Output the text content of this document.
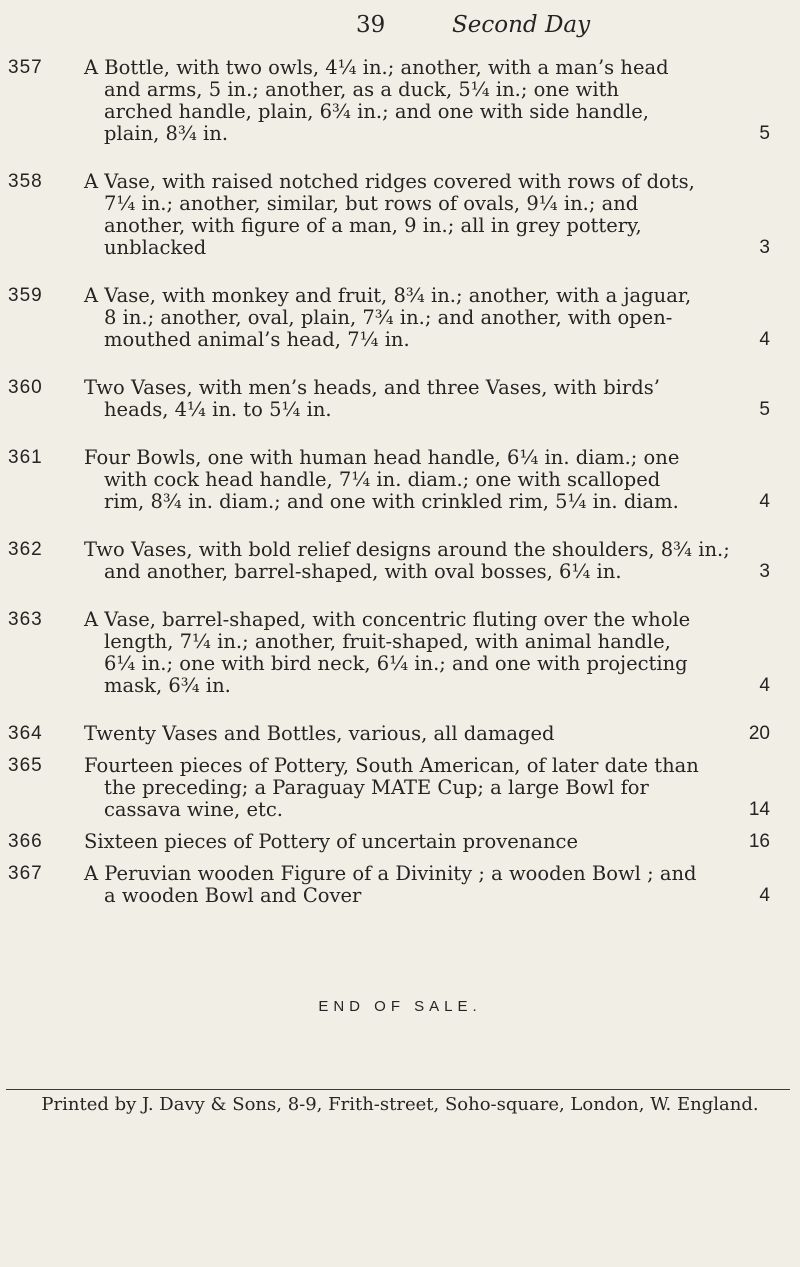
39	Second Day
357 A Bottle, with two owls, 4¼ in.; another, with a man’s head
and arms, 5 in.; another, as a duck, 5¼ in.; one with
arched handle, plain, 6¾ in.; and one with side handle,
plain, 8¾ in.	5
358 A Vase, with raised notched ridges covered with rows of dots,
7¼ in.; another, similar, but rows of ovals, 9¼ in.; and
another, with figure of a man, 9 in.; all in grey pottery,
unblacked	3
359 A Vase, with monkey and fruit, 8¾ in.; another, with a jaguar,
8 in.; another, oval, plain, 7¾ in.; and another, with open-
mouthed animal’s head, 7¼ in.	4
360 Two Vases, with men’s heads, and three Vases, with birds’
heads, 4¼ in. to 5¼ in.	5
361 Four Bowls, one with human head handle, 6¼ in. diam.; one
with cock head handle, 7¼ in. diam.; one with scalloped
rim, 8¾ in. diam.; and one with crinkled rim, 5¼ in. diam.	4
362 Two Vases, with bold relief designs around the shoulders, 8¾ in.;
and another, barrel-shaped, with oval bosses, 6¼ in.	3
363 A Vase, barrel-shaped, with concentric fluting over the whole
length, 7¼ in.; another, fruit-shaped, with animal handle,
6¼ in.; one with bird neck, 6¼ in.; and one with projecting
mask, 6¾ in.	4
364 Twenty Vases and Bottles, various, all damaged	20
365 Fourteen pieces of Pottery, South American, of later date than
the preceding; a Paraguay MATE Cup; a large Bowl for
cassava wine, etc.	14
366 Sixteen pieces of Pottery of uncertain provenance	16
367 A Peruvian wooden Figure of a Divinity ; a wooden Bowl ; and
a wooden Bowl and Cover	4
END OF SALE.
Printed by J. Davy & Sons, 8-9, Frith-street, Soho-square, London, W. England.
